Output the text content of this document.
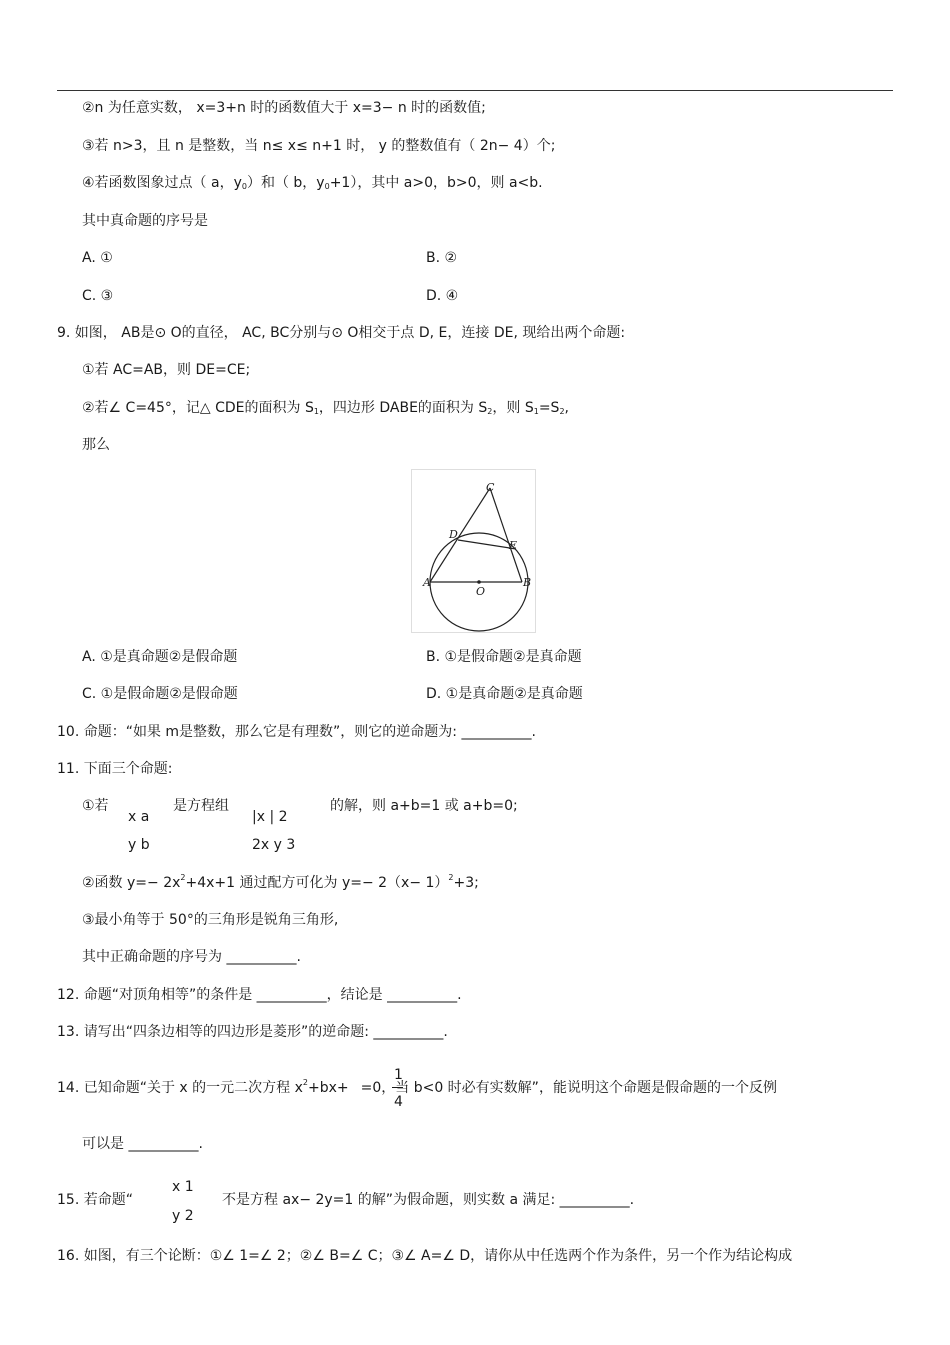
②n 为任意实数， x=3+n 时的函数值大于 x=3− n 时的函数值;
③若 n>3，且 n 是整数，当 n≤ x≤ n+1 时， y 的整数值有（ 2n− 4）个;
④若函数图象过点（ a，$y_0$）和（ b，$y_0+1$），其中 a>0，b>0，则 a<b.
其中真命题的序号是
A. ①	B. ②
C. ③	D. ④
9. 如图， AB是⊙ O的直径， AC, BC分别与⊙ O相交于点 D, E，连接 DE, 现给出两个命题:
①若 AC=AB，则 DE=CE;
②若∠ C=45°，记△ CDE的面积为 $S_1$，四边形 DABE的面积为 $S_2$，则 $S_1=S_2$,
那么
C
D
E
A	B
O
A. ①是真命题②是假命题	B. ①是假命题②是真命题
C. ①是假命题②是假命题	D. ①是真命题②是真命题
10. 命题：“如果 m是整数，那么它是有理数”，则它的逆命题为: __________.
11. 下面三个命题:
①若
x a
y b
是方程组
|x | 2
2x y 3
的解，则 a+b=1 或 a+b=0;
②函数 $y=- 2x^2+4x+1$ 通过配方可化为 $y=- 2(x- 1)^2+3$;
③最小角等于 50°的三角形是锐角三角形,
其中正确命题的序号为 __________.
12. 命题“对顶角相等”的条件是 __________，结论是 __________.
13. 请写出“四条边相等的四边形是菱形”的逆命题: __________.
14. 已知命题“关于 x 的一元二次方程 $x^2+bx+ =0$，当 b<0 时必有实数解”，能说明这个命题是假命题的一个反例
1
4
可以是 __________.
15. 若命题“
x 1
y 2
不是方程 ax− 2y=1 的解”为假命题，则实数 a 满足: __________.
16. 如图，有三个论断：①∠ 1=∠ 2；②∠ B=∠ C；③∠ A=∠ D，请你从中任选两个作为条件，另一个作为结论构成
